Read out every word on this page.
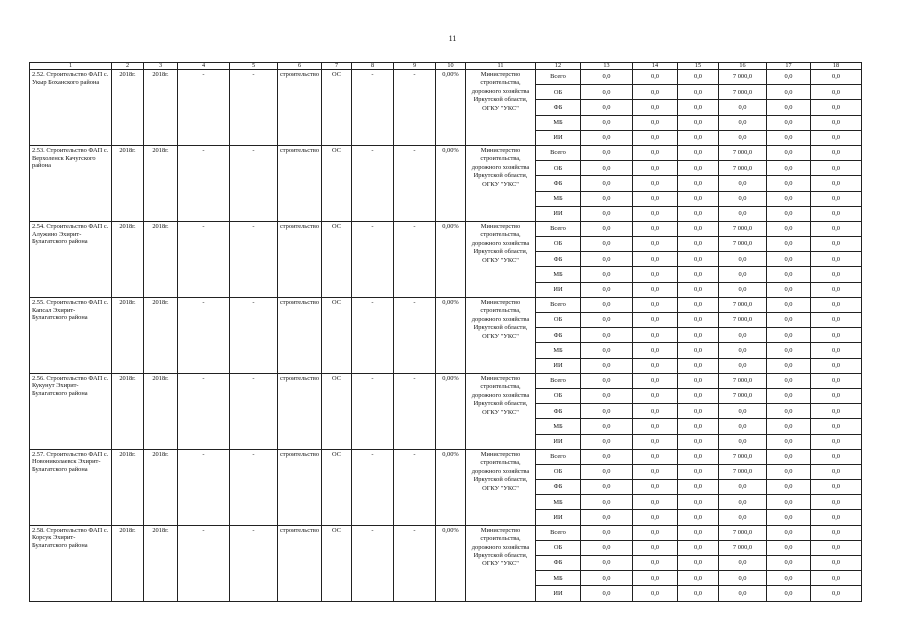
11
1	2	3	4	5	6	7	8	9	10	11	12	13	14	15	16	17	18
2.52. Строительство ФАП с. Укыр Боханского района	2018г.	2018г.	-	-	строительство	ОС	-	-	0,00%	Министерство строительства, дорожного хозяйства Иркутской области, ОГКУ "УКС"	Всего	0,0	0,0	0,0	7 000,0	0,0	0,0
											ОБ	0,0	0,0	0,0	7 000,0	0,0	0,0
											ФБ	0,0	0,0	0,0	0,0	0,0	0,0
											МБ	0,0	0,0	0,0	0,0	0,0	0,0
											ИИ	0,0	0,0	0,0	0,0	0,0	0,0
2.53. Строительство ФАП с. Верхоленск Качугского района	2018г.	2018г.	-	-	строительство	ОС	-	-	0,00%	Министерство строительства, дорожного хозяйства Иркутской области, ОГКУ "УКС"	Всего	0,0	0,0	0,0	7 000,0	0,0	0,0
											ОБ	0,0	0,0	0,0	7 000,0	0,0	0,0
											ФБ	0,0	0,0	0,0	0,0	0,0	0,0
											МБ	0,0	0,0	0,0	0,0	0,0	0,0
											ИИ	0,0	0,0	0,0	0,0	0,0	0,0
2.54. Строительство ФАП с. Алужино Эхирит-Булагатского района	2018г.	2018г.	-	-	строительство	ОС	-	-	0,00%	Министерство строительства, дорожного хозяйства Иркутской области, ОГКУ "УКС"	Всего	0,0	0,0	0,0	7 000,0	0,0	0,0
											ОБ	0,0	0,0	0,0	7 000,0	0,0	0,0
											ФБ	0,0	0,0	0,0	0,0	0,0	0,0
											МБ	0,0	0,0	0,0	0,0	0,0	0,0
											ИИ	0,0	0,0	0,0	0,0	0,0	0,0
2.55. Строительство ФАП с. Капсал Эхирит-Булагатского района	2018г.	2018г.	-	-	строительство	ОС	-	-	0,00%	Министерство строительства, дорожного хозяйства Иркутской области, ОГКУ "УКС"	Всего	0,0	0,0	0,0	7 000,0	0,0	0,0
											ОБ	0,0	0,0	0,0	7 000,0	0,0	0,0
											ФБ	0,0	0,0	0,0	0,0	0,0	0,0
											МБ	0,0	0,0	0,0	0,0	0,0	0,0
											ИИ	0,0	0,0	0,0	0,0	0,0	0,0
2.56. Строительство ФАП с. Кукунут Эхирит-Булагатского района	2018г.	2018г.	-	-	строительство	ОС	-	-	0,00%	Министерство строительства, дорожного хозяйства Иркутской области, ОГКУ "УКС"	Всего	0,0	0,0	0,0	7 000,0	0,0	0,0
											ОБ	0,0	0,0	0,0	7 000,0	0,0	0,0
											ФБ	0,0	0,0	0,0	0,0	0,0	0,0
											МБ	0,0	0,0	0,0	0,0	0,0	0,0
											ИИ	0,0	0,0	0,0	0,0	0,0	0,0
2.57. Строительство ФАП с. Новониколаевск Эхирит-Булагатского района	2018г.	2018г.	-	-	строительство	ОС	-	-	0,00%	Министерство строительства, дорожного хозяйства Иркутской области, ОГКУ "УКС"	Всего	0,0	0,0	0,0	7 000,0	0,0	0,0
											ОБ	0,0	0,0	0,0	7 000,0	0,0	0,0
											ФБ	0,0	0,0	0,0	0,0	0,0	0,0
											МБ	0,0	0,0	0,0	0,0	0,0	0,0
											ИИ	0,0	0,0	0,0	0,0	0,0	0,0
2.58. Строительство ФАП с. Корсук Эхирит-Булагатского района	2018г.	2018г.	-	-	строительство	ОС	-	-	0,00%	Министерство строительства, дорожного хозяйства Иркутской области, ОГКУ "УКС"	Всего	0,0	0,0	0,0	7 000,0	0,0	0,0
											ОБ	0,0	0,0	0,0	7 000,0	0,0	0,0
											ФБ	0,0	0,0	0,0	0,0	0,0	0,0
											МБ	0,0	0,0	0,0	0,0	0,0	0,0
											ИИ	0,0	0,0	0,0	0,0	0,0	0,0
